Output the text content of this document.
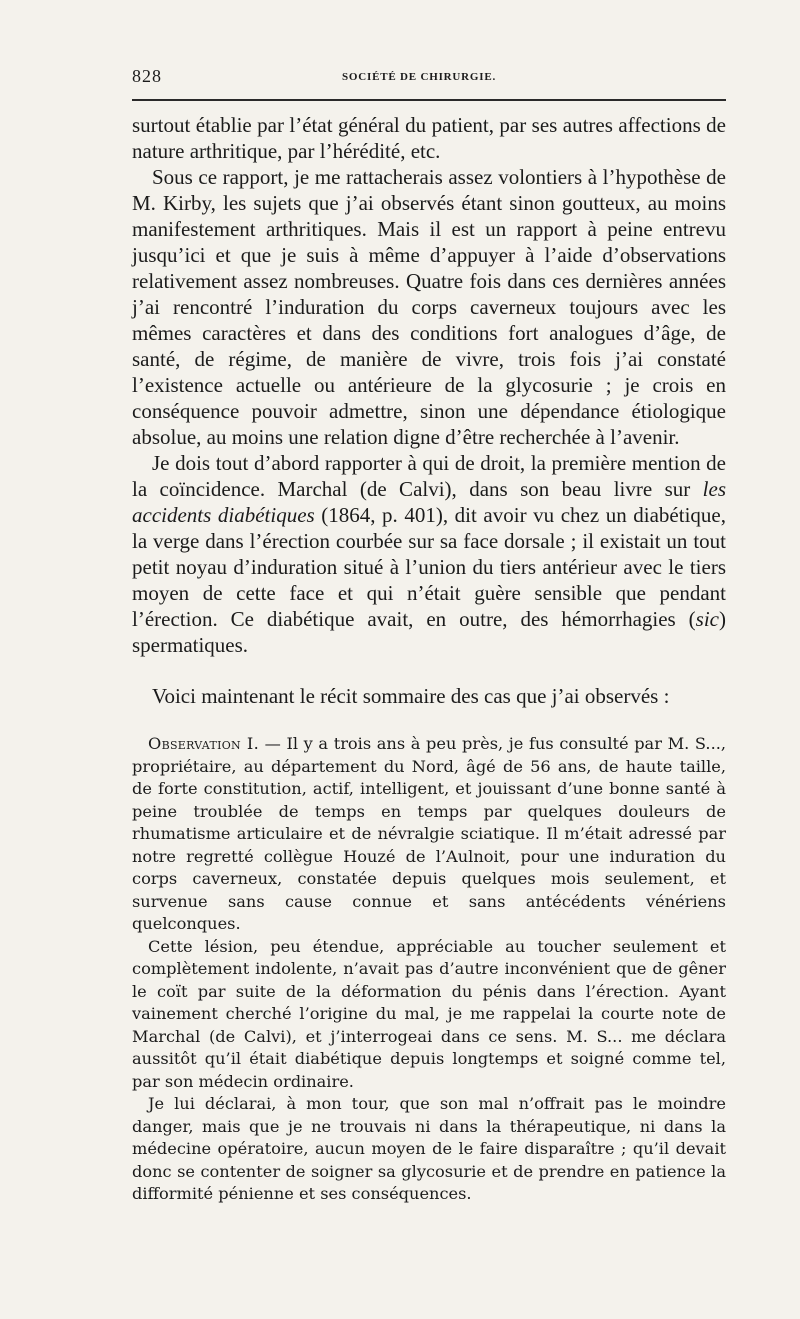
828	SOCIÉTÉ DE CHIRURGIE.

surtout établie par l’état général du patient, par ses autres affections de nature arthritique, par l’hérédité, etc.

Sous ce rapport, je me rattacherais assez volontiers à l’hypothèse de M. Kirby, les sujets que j’ai observés étant sinon goutteux, au moins manifestement arthritiques. Mais il est un rapport à peine entrevu jusqu’ici et que je suis à même d’appuyer à l’aide d’observations relativement assez nombreuses. Quatre fois dans ces dernières années j’ai rencontré l’induration du corps caverneux toujours avec les mêmes caractères et dans des conditions fort analogues d’âge, de santé, de régime, de manière de vivre, trois fois j’ai constaté l’existence actuelle ou antérieure de la glycosurie ; je crois en conséquence pouvoir admettre, sinon une dépendance étiologique absolue, au moins une relation digne d’être recherchée à l’avenir.

Je dois tout d’abord rapporter à qui de droit, la première mention de la coïncidence. Marchal (de Calvi), dans son beau livre sur les accidents diabétiques (1864, p. 401), dit avoir vu chez un diabétique, la verge dans l’érection courbée sur sa face dorsale ; il existait un tout petit noyau d’induration situé à l’union du tiers antérieur avec le tiers moyen de cette face et qui n’était guère sensible que pendant l’érection. Ce diabétique avait, en outre, des hémorrhagies (sic) spermatiques.

Voici maintenant le récit sommaire des cas que j’ai observés :

Observation I. — Il y a trois ans à peu près, je fus consulté par M. S..., propriétaire, au département du Nord, âgé de 56 ans, de haute taille, de forte constitution, actif, intelligent, et jouissant d’une bonne santé à peine troublée de temps en temps par quelques douleurs de rhumatisme articulaire et de névralgie sciatique. Il m’était adressé par notre regretté collègue Houzé de l’Aulnoit, pour une induration du corps caverneux, constatée depuis quelques mois seulement, et survenue sans cause connue et sans antécédents vénériens quelconques.

Cette lésion, peu étendue, appréciable au toucher seulement et complètement indolente, n’avait pas d’autre inconvénient que de gêner le coït par suite de la déformation du pénis dans l’érection. Ayant vainement cherché l’origine du mal, je me rappelai la courte note de Marchal (de Calvi), et j’interrogeai dans ce sens. M. S... me déclara aussitôt qu’il était diabétique depuis longtemps et soigné comme tel, par son médecin ordinaire.

Je lui déclarai, à mon tour, que son mal n’offrait pas le moindre danger, mais que je ne trouvais ni dans la thérapeutique, ni dans la médecine opératoire, aucun moyen de le faire disparaître ; qu’il devait donc se contenter de soigner sa glycosurie et de prendre en patience la difformité pénienne et ses conséquences.
